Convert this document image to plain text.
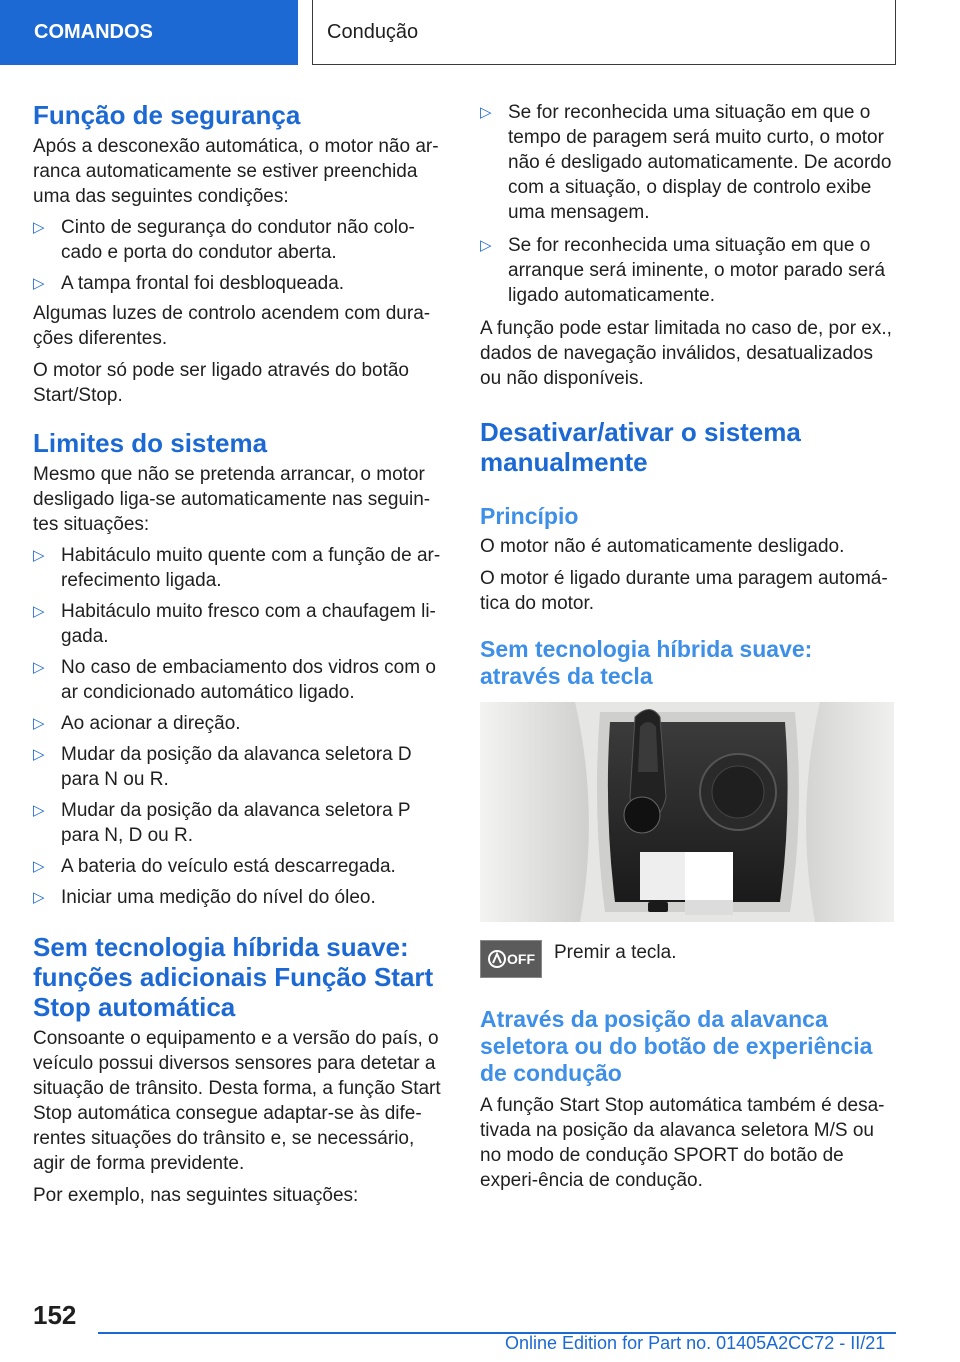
COMANDOS	Condução
Função de segurança

Após a desconexão automática, o motor não ar-ranca automaticamente se estiver preenchida uma das seguintes condições:

▷ Cinto de segurança do condutor não colo-cado e porta do condutor aberta.
▷ A tampa frontal foi desbloqueada.

Algumas luzes de controlo acendem com dura-ções diferentes.

O motor só pode ser ligado através do botão Start/Stop.

Limites do sistema

Mesmo que não se pretenda arrancar, o motor desligado liga-se automaticamente nas seguin-tes situações:

▷ Habitáculo muito quente com a função de ar-refecimento ligada.
▷ Habitáculo muito fresco com a chaufagem li-gada.
▷ No caso de embaciamento dos vidros com o ar condicionado automático ligado.
▷ Ao acionar a direção.
▷ Mudar da posição da alavanca seletora D para N ou R.
▷ Mudar da posição da alavanca seletora P para N, D ou R.
▷ A bateria do veículo está descarregada.
▷ Iniciar uma medição do nível do óleo.
Sem tecnologia híbrida suave: funções adicionais Função Start Stop automática

Consoante o equipamento e a versão do país, o veículo possui diversos sensores para detetar a situação de trânsito. Desta forma, a função Start Stop automática consegue adaptar-se às dife-rentes situações do trânsito e, se necessário, agir de forma previdente.

Por exemplo, nas seguintes situações:

▷ Se for reconhecida uma situação em que o tempo de paragem será muito curto, o motor não é desligado automaticamente. De acordo com a situação, o display de controlo exibe uma mensagem.
▷ Se for reconhecida uma situação em que o arranque será iminente, o motor parado será ligado automaticamente.

A função pode estar limitada no caso de, por ex., dados de navegação inválidos, desatualizados ou não disponíveis.

Desativar/ativar o sistema manualmente
Princípio

O motor não é automaticamente desligado.

O motor é ligado durante uma paragem automá-tica do motor.

Sem tecnologia híbrida suave: através da tecla
OFF Premir a tecla.

Através da posição da alavanca seletora ou do botão de experiência de condução

A função Start Stop automática também é desa-tivada na posição da alavanca seletora M/S ou no modo de condução SPORT do botão de experi-ência de condução.

152
Online Edition for Part no. 01405A2CC72 - II/21
